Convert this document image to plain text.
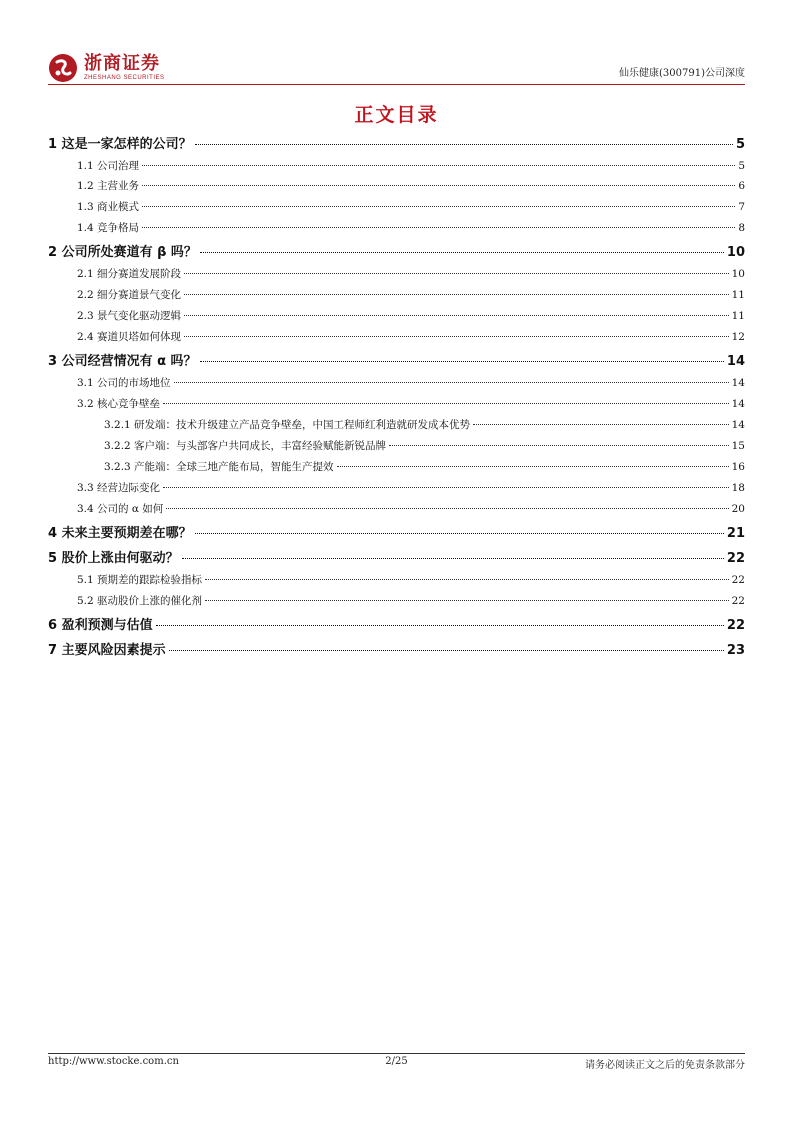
浙商证券
ZHESHANG SECURITIES	仙乐健康(300791)公司深度
正文目录
1 这是一家怎样的公司？	5
1.1 公司治理	5
1.2 主营业务	6
1.3 商业模式	7
1.4 竞争格局	8
2 公司所处赛道有 β 吗？	10
2.1 细分赛道发展阶段	10
2.2 细分赛道景气变化	11
2.3 景气变化驱动逻辑	11
2.4 赛道贝塔如何体现	12
3 公司经营情况有 α 吗？	14
3.1 公司的市场地位	14
3.2 核心竞争壁垒	14
3.2.1 研发端：技术升级建立产品竞争壁垒，中国工程师红利造就研发成本优势	14
3.2.2 客户端：与头部客户共同成长，丰富经验赋能新锐品牌	15
3.2.3 产能端：全球三地产能布局，智能生产提效	16
3.3 经营边际变化	18
3.4 公司的 α 如何	20
4 未来主要预期差在哪？	21
5 股价上涨由何驱动？	22
5.1 预期差的跟踪检验指标	22
5.2 驱动股价上涨的催化剂	22
6 盈利预测与估值	22
7 主要风险因素提示	23
http://www.stocke.com.cn	2/25	请务必阅读正文之后的免责条款部分
